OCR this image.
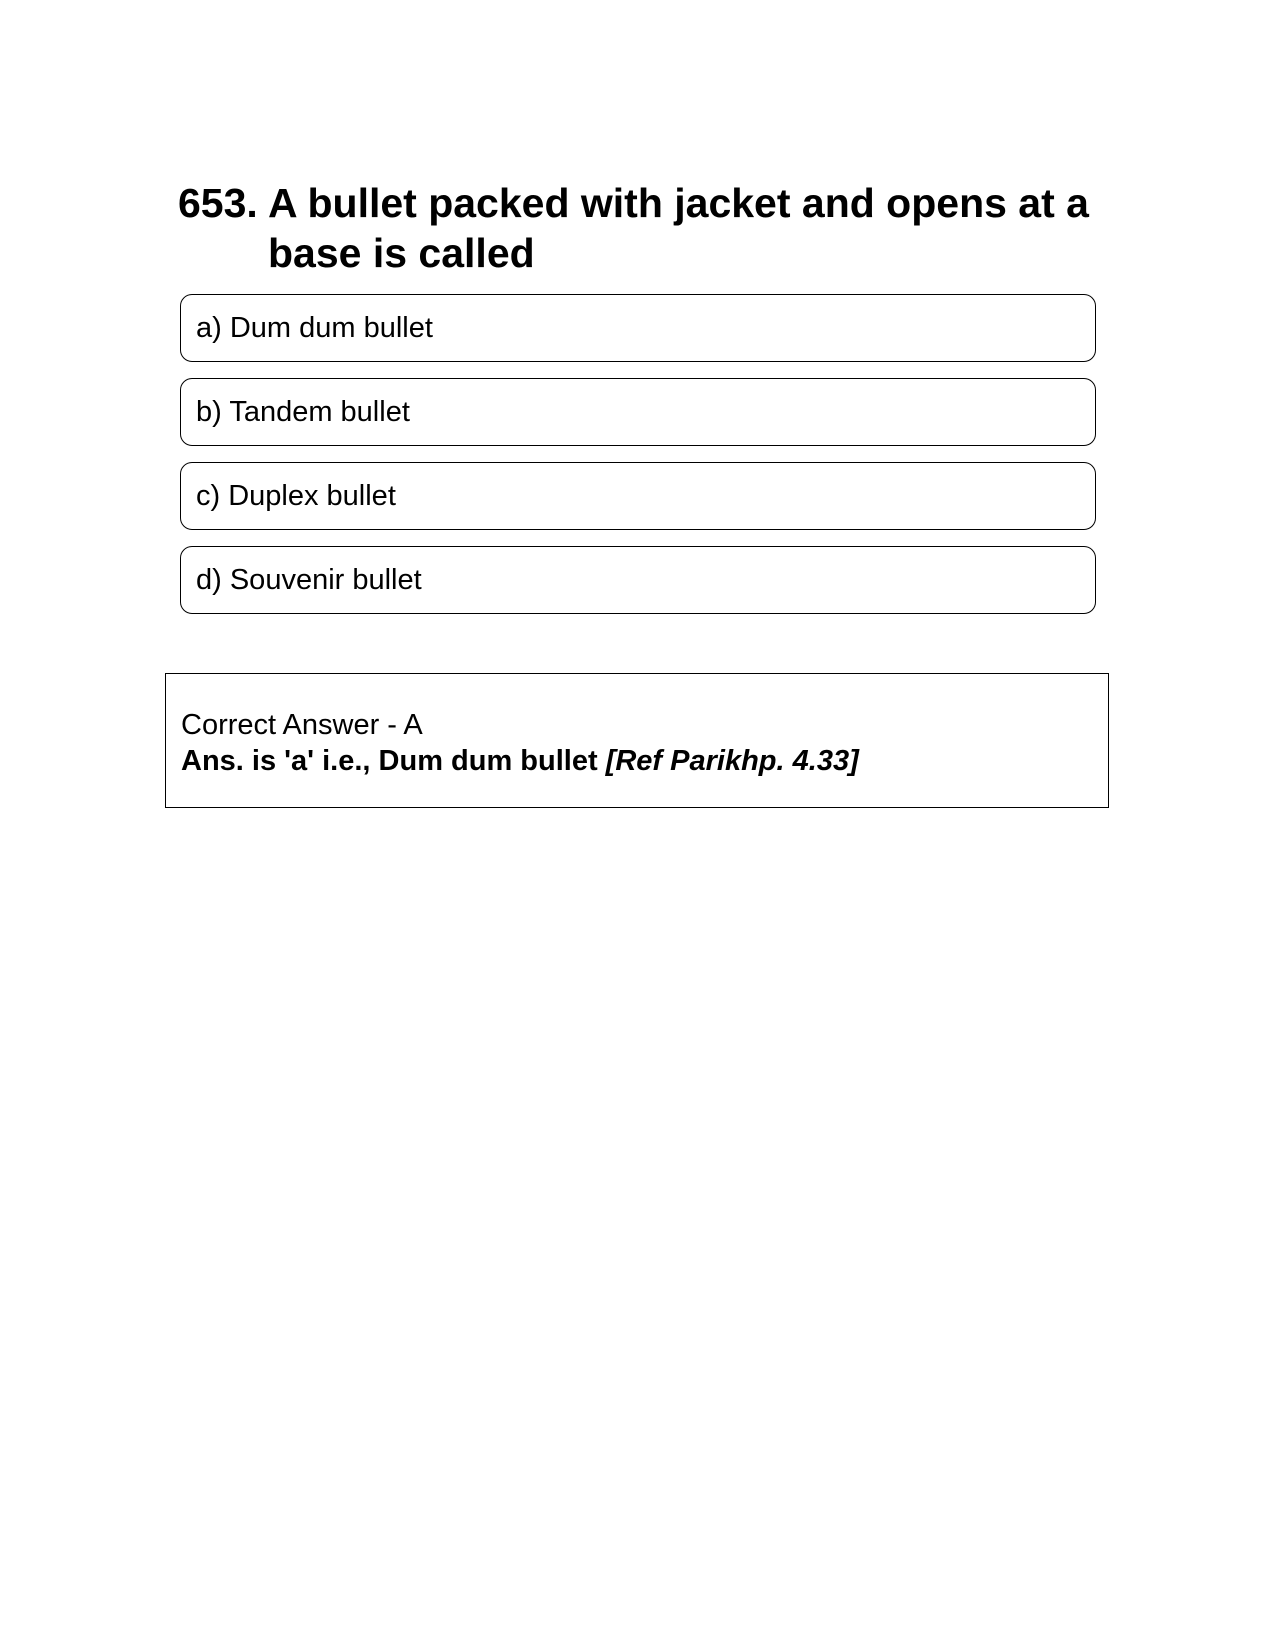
653. A bullet packed with jacket and opens at a base is called
a) Dum dum bullet
b) Tandem bullet
c) Duplex bullet
d) Souvenir bullet
Correct Answer - A
Ans. is 'a' i.e., Dum dum bullet [Ref Parikhp. 4.33]
